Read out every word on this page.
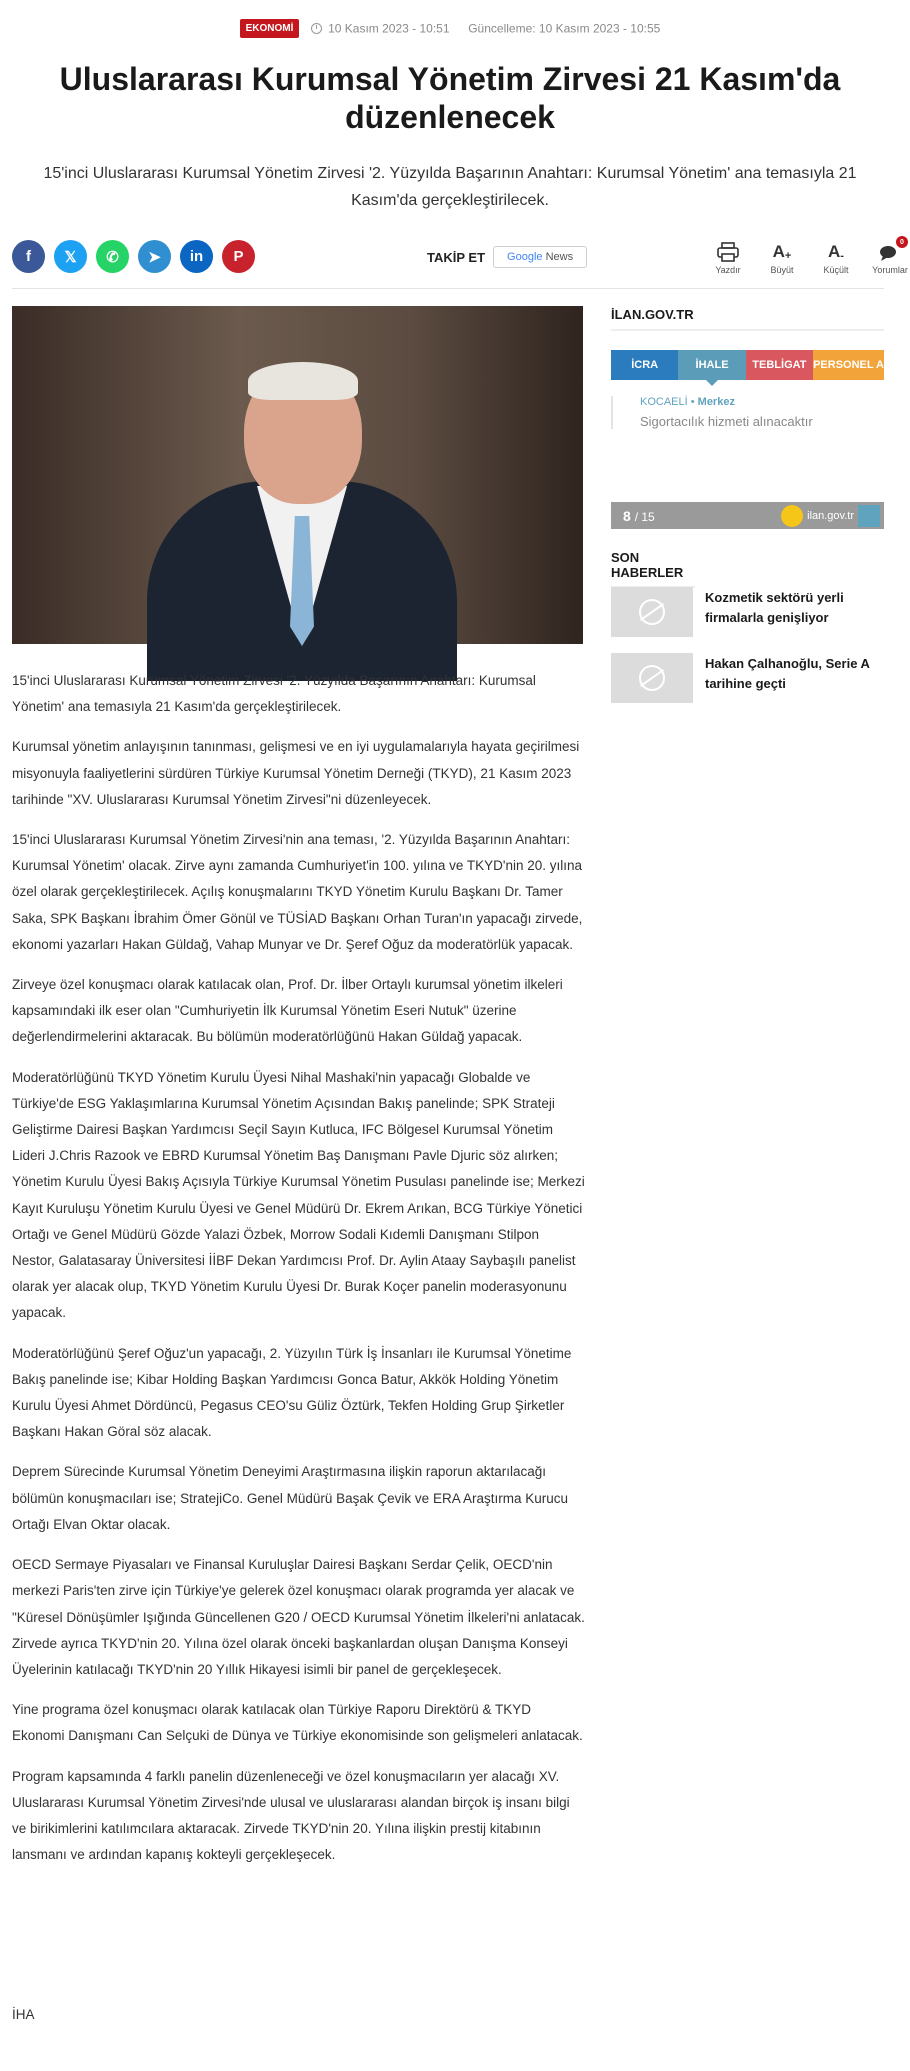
EKONOMİ	10 Kasım 2023 - 10:51 Güncelleme: 10 Kasım 2023 - 10:55
Uluslararası Kurumsal Yönetim Zirvesi 21 Kasım'da düzenlenecek
15'inci Uluslararası Kurumsal Yönetim Zirvesi '2. Yüzyılda Başarının Anahtarı: Kurumsal Yönetim' ana temasıyla 21 Kasım'da gerçekleştirilecek.
f	𝕏	✆	➤	in	P	TAKİP ET	Google News
Yazdır
A +
Büyüt
A -
Küçült
0
Yorumlar

15'inci Uluslararası Kurumsal Yönetim Zirvesi '2. Yüzyılda Başarının Anahtarı: Kurumsal Yönetim' ana temasıyla 21 Kasım'da gerçekleştirilecek.

Kurumsal yönetim anlayışının tanınması, gelişmesi ve en iyi uygulamalarıyla hayata geçirilmesi misyonuyla faaliyetlerini sürdüren Türkiye Kurumsal Yönetim Derneği (TKYD), 21 Kasım 2023 tarihinde "XV. Uluslararası Kurumsal Yönetim Zirvesi"ni düzenleyecek.

15'inci Uluslararası Kurumsal Yönetim Zirvesi'nin ana teması, '2. Yüzyılda Başarının Anahtarı: Kurumsal Yönetim' olacak. Zirve aynı zamanda Cumhuriyet'in 100. yılına ve TKYD'nin 20. yılına özel olarak gerçekleştirilecek. Açılış konuşmalarını TKYD Yönetim Kurulu Başkanı Dr. Tamer Saka, SPK Başkanı İbrahim Ömer Gönül ve TÜSİAD Başkanı Orhan Turan'ın yapacağı zirvede, ekonomi yazarları Hakan Güldağ, Vahap Munyar ve Dr. Şeref Oğuz da moderatörlük yapacak.

Zirveye özel konuşmacı olarak katılacak olan, Prof. Dr. İlber Ortaylı kurumsal yönetim ilkeleri kapsamındaki ilk eser olan "Cumhuriyetin İlk Kurumsal Yönetim Eseri Nutuk" üzerine değerlendirmelerini aktaracak. Bu bölümün moderatörlüğünü Hakan Güldağ yapacak.

Moderatörlüğünü TKYD Yönetim Kurulu Üyesi Nihal Mashaki'nin yapacağı Globalde ve Türkiye'de ESG Yaklaşımlarına Kurumsal Yönetim Açısından Bakış panelinde; SPK Strateji Geliştirme Dairesi Başkan Yardımcısı Seçil Sayın Kutluca, IFC Bölgesel Kurumsal Yönetim Lideri J.Chris Razook ve EBRD Kurumsal Yönetim Baş Danışmanı Pavle Djuric söz alırken; Yönetim Kurulu Üyesi Bakış Açısıyla Türkiye Kurumsal Yönetim Pusulası panelinde ise; Merkezi Kayıt Kuruluşu Yönetim Kurulu Üyesi ve Genel Müdürü Dr. Ekrem Arıkan, BCG Türkiye Yönetici Ortağı ve Genel Müdürü Gözde Yalazi Özbek, Morrow Sodali Kıdemli Danışmanı Stilpon Nestor, Galatasaray Üniversitesi İİBF Dekan Yardımcısı Prof. Dr. Aylin Ataay Saybaşılı panelist olarak yer alacak olup, TKYD Yönetim Kurulu Üyesi Dr. Burak Koçer panelin moderasyonunu yapacak.

Moderatörlüğünü Şeref Oğuz'un yapacağı, 2. Yüzyılın Türk İş İnsanları ile Kurumsal Yönetime Bakış panelinde ise; Kibar Holding Başkan Yardımcısı Gonca Batur, Akkök Holding Yönetim Kurulu Üyesi Ahmet Dördüncü, Pegasus CEO'su Güliz Öztürk, Tekfen Holding Grup Şirketler Başkanı Hakan Göral söz alacak.

Deprem Sürecinde Kurumsal Yönetim Deneyimi Araştırmasına ilişkin raporun aktarılacağı bölümün konuşmacıları ise; StratejiCo. Genel Müdürü Başak Çevik ve ERA Araştırma Kurucu Ortağı Elvan Oktar olacak.

OECD Sermaye Piyasaları ve Finansal Kuruluşlar Dairesi Başkanı Serdar Çelik, OECD'nin merkezi Paris'ten zirve için Türkiye'ye gelerek özel konuşmacı olarak programda yer alacak ve "Küresel Dönüşümler Işığında Güncellenen G20 / OECD Kurumsal Yönetim İlkeleri'ni anlatacak. Zirvede ayrıca TKYD'nin 20. Yılına özel olarak önceki başkanlardan oluşan Danışma Konseyi Üyelerinin katılacağı TKYD'nin 20 Yıllık Hikayesi isimli bir panel de gerçekleşecek.

Yine programa özel konuşmacı olarak katılacak olan Türkiye Raporu Direktörü & TKYD Ekonomi Danışmanı Can Selçuki de Dünya ve Türkiye ekonomisinde son gelişmeleri anlatacak.

Program kapsamında 4 farklı panelin düzenleneceği ve özel konuşmacıların yer alacağı XV. Uluslararası Kurumsal Yönetim Zirvesi'nde ulusal ve uluslararası alandan birçok iş insanı bilgi ve birikimlerini katılımcılara aktaracak. Zirvede TKYD'nin 20. Yılına ilişkin prestij kitabının lansmanı ve ardından kapanış kokteyli gerçekleşecek.

İHA
İLAN.GOV.TR
İCRA	İHALE	TEBLİGAT PERSONEL A
KOCAELİ • Merkez
Sigortacılık hizmeti alınacaktır
8 / 15	ilan.gov.tr
SON HABERLER
Kozmetik sektörü yerli firmalarla genişliyor
Hakan Çalhanoğlu, Serie A tarihine geçti
